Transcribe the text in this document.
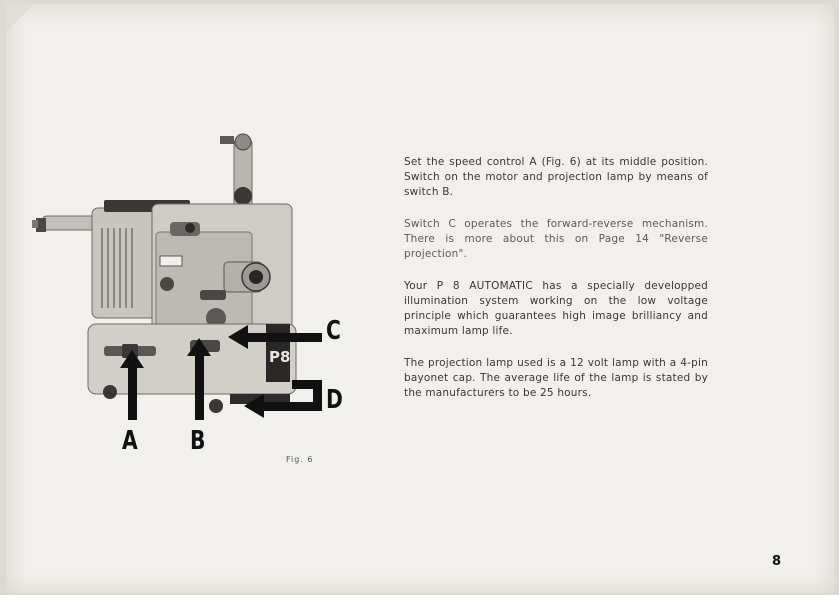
P8
A B
C
D
Fig. 6

Set the speed control A (Fig. 6) at its middle position. Switch on the motor and projection lamp by means of switch B.

Switch C operates the forward-reverse mechanism. There is more about this on Page 14 "Reverse projection".

Your P 8 AUTOMATIC has a specially developped illumination system working on the low voltage principle which guarantees high image brilliancy and maximum lamp life.

The projection lamp used is a 12 volt lamp with a 4-pin bayonet cap. The average life of the lamp is stated by the manufacturers to be 25 hours.

8
